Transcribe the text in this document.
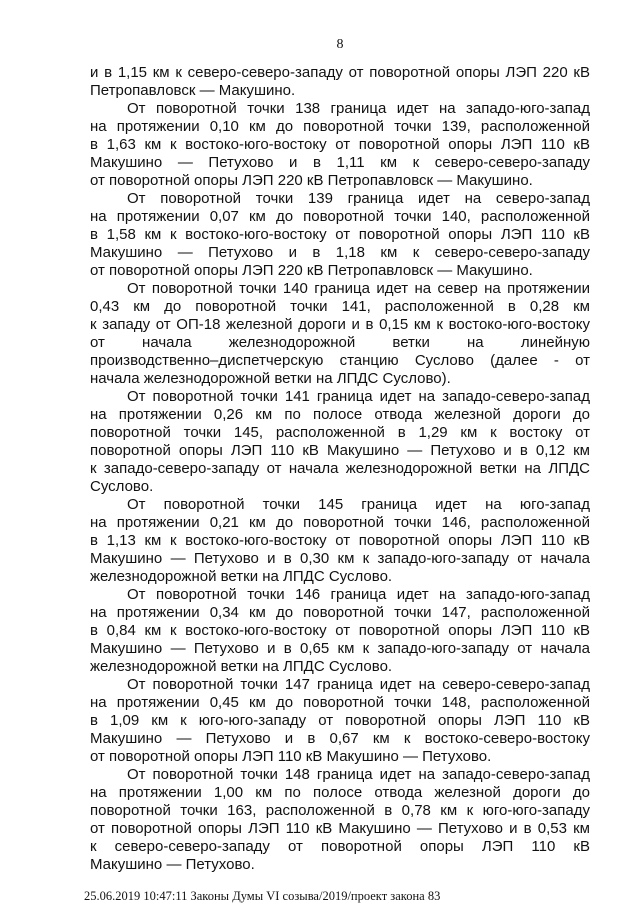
8
и в 1,15 км к северо-северо-западу от поворотной опоры ЛЭП 220 кВ
Петропавловск — Макушино.
От поворотной точки 138 граница идет на западо-юго-запад
на протяжении 0,10 км до поворотной точки 139, расположенной
в 1,63 км к востоко-юго-востоку от поворотной опоры ЛЭП 110 кВ
Макушино — Петухово и в 1,11 км к северо-северо-западу
от поворотной опоры ЛЭП 220 кВ Петропавловск — Макушино.
От поворотной точки 139 граница идет на северо-запад
на протяжении 0,07 км до поворотной точки 140, расположенной
в 1,58 км к востоко-юго-востоку от поворотной опоры ЛЭП 110 кВ
Макушино — Петухово и в 1,18 км к северо-северо-западу
от поворотной опоры ЛЭП 220 кВ Петропавловск — Макушино.
От поворотной точки 140 граница идет на север на протяжении
0,43 км до поворотной точки 141, расположенной в 0,28 км
к западу от ОП-18 железной дороги и в 0,15 км к востоко-юго-востоку
от начала железнодорожной ветки на линейную
производственно–диспетчерскую станцию Суслово (далее - от
начала железнодорожной ветки на ЛПДС Суслово).
От поворотной точки 141 граница идет на западо-северо-запад
на протяжении 0,26 км по полосе отвода железной дороги до
поворотной точки 145, расположенной в 1,29 км к востоку от
поворотной опоры ЛЭП 110 кВ Макушино — Петухово и в 0,12 км
к западо-северо-западу от начала железнодорожной ветки на ЛПДС
Суслово.
От поворотной точки 145 граница идет на юго-запад
на протяжении 0,21 км до поворотной точки 146, расположенной
в 1,13 км к востоко-юго-востоку от поворотной опоры ЛЭП 110 кВ
Макушино — Петухово и в 0,30 км к западо-юго-западу от начала
железнодорожной ветки на ЛПДС Суслово.
От поворотной точки 146 граница идет на западо-юго-запад
на протяжении 0,34 км до поворотной точки 147, расположенной
в 0,84 км к востоко-юго-востоку от поворотной опоры ЛЭП 110 кВ
Макушино — Петухово и в 0,65 км к западо-юго-западу от начала
железнодорожной ветки на ЛПДС Суслово.
От поворотной точки 147 граница идет на северо-северо-запад
на протяжении 0,45 км до поворотной точки 148, расположенной
в 1,09 км к юго-юго-западу от поворотной опоры ЛЭП 110 кВ
Макушино — Петухово и в 0,67 км к востоко-северо-востоку
от поворотной опоры ЛЭП 110 кВ Макушино — Петухово.
От поворотной точки 148 граница идет на западо-северо-запад
на протяжении 1,00 км по полосе отвода железной дороги до
поворотной точки 163, расположенной в 0,78 км к юго-юго-западу
от поворотной опоры ЛЭП 110 кВ Макушино — Петухово и в 0,53 км
к северо-северо-западу от поворотной опоры ЛЭП 110 кВ
Макушино — Петухово.
25.06.2019 10:47:11 Законы Думы VI созыва/2019/проект закона 83
